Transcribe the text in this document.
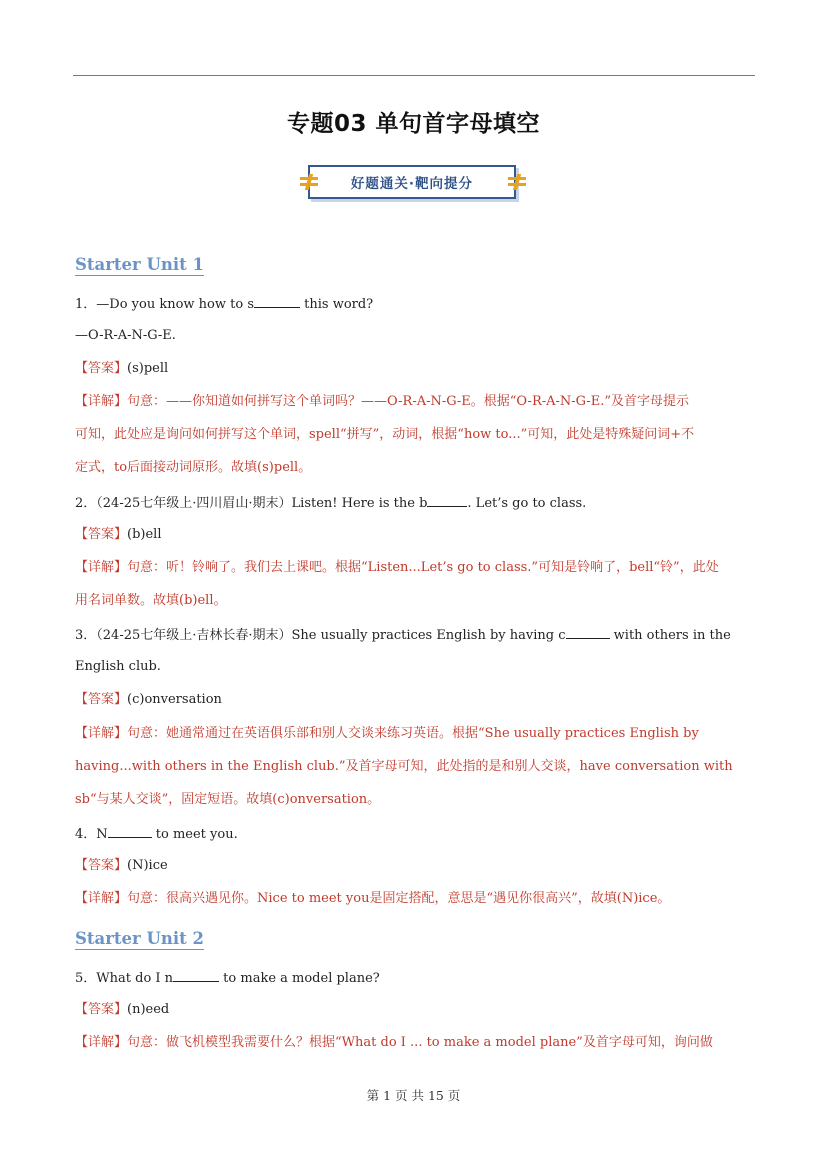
专题03 单句首字母填空
好题通关·靶向提分
Starter Unit 1
1．—Do you know how to s	this word?
—O-R-A-N-G-E.
【答案】(s)pell
【详解】句意：——你知道如何拼写这个单词吗？——O-R-A-N-G-E。根据“O-R-A-N-G-E.”及首字母提示
可知，此处应是询问如何拼写这个单词，spell“拼写”，动词，根据“how to...”可知，此处是特殊疑问词+不
定式，to后面接动词原形。故填(s)pell。
2．（24-25七年级上·四川眉山·期末）Listen! Here is the b	. Let’s go to class.
【答案】(b)ell
【详解】句意：听！铃响了。我们去上课吧。根据“Listen...Let’s go to class.”可知是铃响了，bell“铃”，此处
用名词单数。故填(b)ell。
3．（24-25七年级上·吉林长春·期末）She usually practices English by having c	with others in the
English club.
【答案】(c)onversation
【详解】句意：她通常通过在英语俱乐部和别人交谈来练习英语。根据“She usually practices English by
having...with others in the English club.”及首字母可知，此处指的是和别人交谈，have conversation with
sb“与某人交谈”，固定短语。故填(c)onversation。
4．N	to meet you.
【答案】(N)ice
【详解】句意：很高兴遇见你。Nice to meet you是固定搭配，意思是“遇见你很高兴”，故填(N)ice。
Starter Unit 2
5．What do I n	to make a model plane?
【答案】(n)eed
【详解】句意：做飞机模型我需要什么？根据“What do I ... to make a model plane”及首字母可知，询问做
第 1 页 共 15 页
